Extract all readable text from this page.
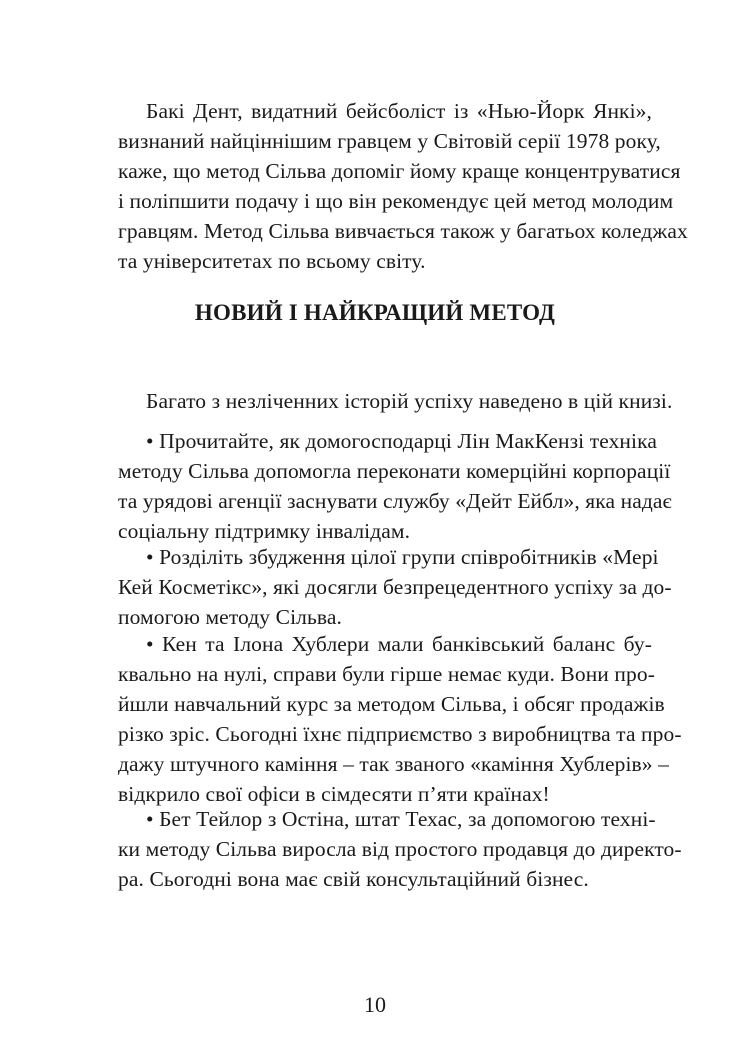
Бакі Дент, видатний бейсболіст із «Нью-Йорк Янкі»,
визнаний найціннішим гравцем у Світовій серії 1978 року,
каже, що метод Сільва допоміг йому краще концентруватися
і поліпшити подачу і що він рекомендує цей метод молодим
гравцям. Метод Сільва вивчається також у багатьох коледжах
та університетах по всьому світу.
НОВИЙ І НАЙКРАЩИЙ МЕТОД
Багато з незліченних історій успіху наведено в цій книзі.
• Прочитайте, як домогосподарці Лін МакКензі техніка
методу Сільва допомогла переконати комерційні корпорації
та урядові агенції заснувати службу «Дейт Ейбл», яка надає
соціальну підтримку інвалідам.
• Розділіть збудження цілої групи співробітників «Мері
Кей Косметікс», які досягли безпрецедентного успіху за до-
помогою методу Сільва.
• Кен та Ілона Хублери мали банківський баланс бу-
квально на нулі, справи були гірше немає куди. Вони про-
йшли навчальний курс за методом Сільва, і обсяг продажів
різко зріс. Сьогодні їхнє підприємство з виробництва та про-
дажу штучного каміння – так званого «каміння Хублерів» –
відкрило свої офіси в сімдесяти п’яти країнах!
• Бет Тейлор з Остіна, штат Техас, за допомогою техні-
ки методу Сільва виросла від простого продавця до директо-
ра. Сьогодні вона має свій консультаційний бізнес.
10
